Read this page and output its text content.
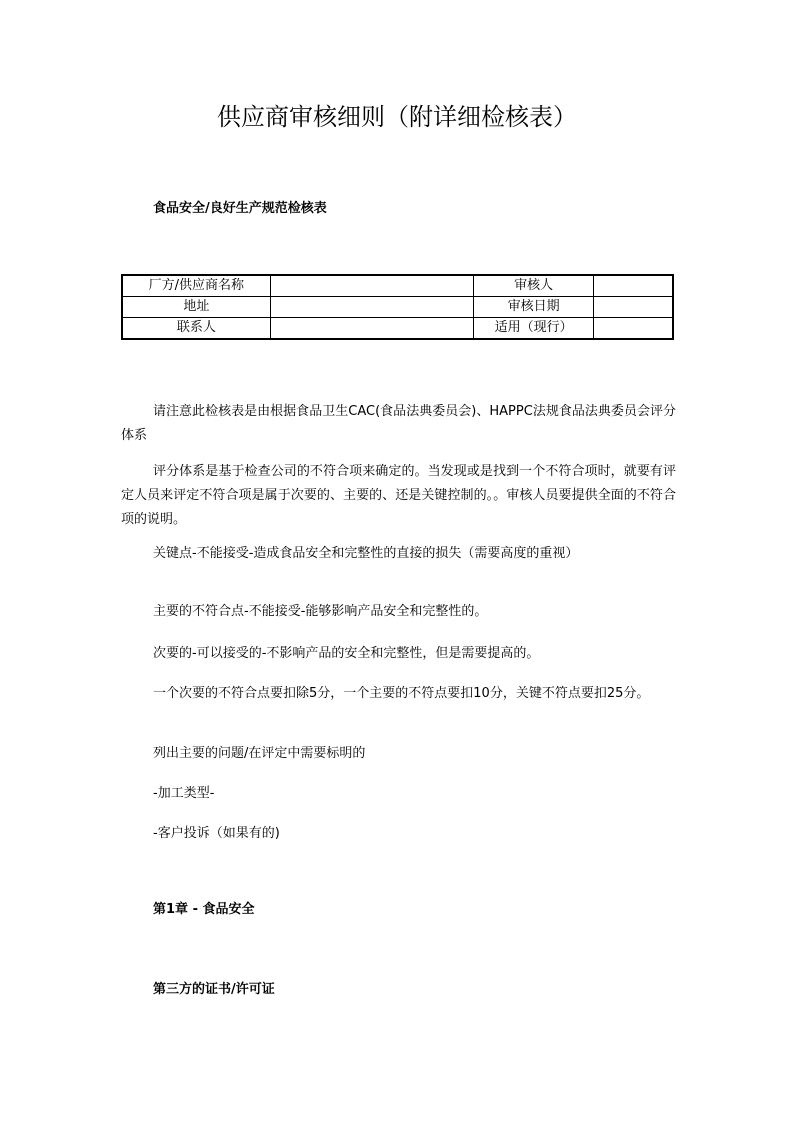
供应商审核细则（附详细检核表）
食品安全/良好生产规范检核表
厂方/供应商名称		审核人	
地址		审核日期	
联系人		适用（现行）	
请注意此检核表是由根据食品卫生CAC(食品法典委员会)、HAPPC法规食品法典委员会评分体系
评分体系是基于检查公司的不符合项来确定的。当发现或是找到一个不符合项时，就要有评定人员来评定不符合项是属于次要的、主要的、还是关键控制的。。审核人员要提供全面的不符合项的说明。
关键点-不能接受-造成食品安全和完整性的直接的损失（需要高度的重视）
主要的不符合点-不能接受-能够影响产品安全和完整性的。
次要的-可以接受的-不影响产品的安全和完整性，但是需要提高的。
一个次要的不符合点要扣除5分，一个主要的不符点要扣10分，关键不符点要扣25分。
列出主要的问题/在评定中需要标明的
-加工类型-
-客户投诉（如果有的)
第1章 - 食品安全
第三方的证书/许可证
